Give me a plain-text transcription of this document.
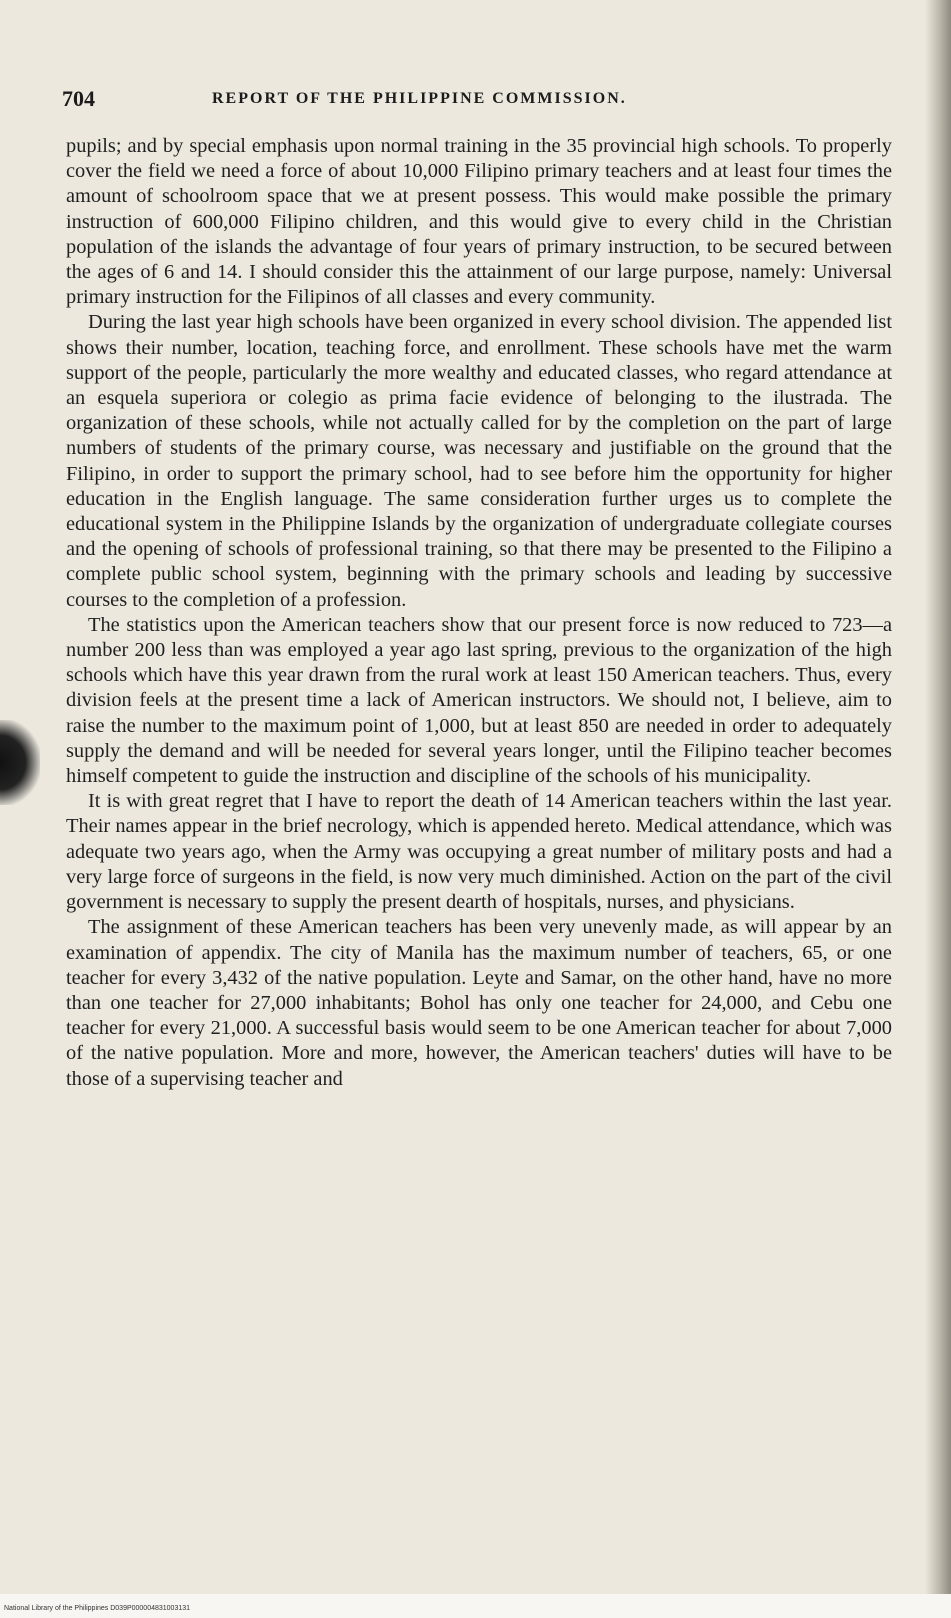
704	REPORT OF THE PHILIPPINE COMMISSION.

pupils; and by special emphasis upon normal training in the 35 provincial high schools. To properly cover the field we need a force of about 10,000 Filipino primary teachers and at least four times the amount of schoolroom space that we at present possess. This would make possible the primary instruction of 600,000 Filipino children, and this would give to every child in the Christian population of the islands the advantage of four years of primary instruction, to be secured between the ages of 6 and 14. I should consider this the attainment of our large purpose, namely: Universal primary instruction for the Filipinos of all classes and every community.

During the last year high schools have been organized in every school division. The appended list shows their number, location, teaching force, and enrollment. These schools have met the warm support of the people, particularly the more wealthy and educated classes, who regard attendance at an esquela superiora or colegio as prima facie evidence of belonging to the ilustrada. The organization of these schools, while not actually called for by the completion on the part of large numbers of students of the primary course, was necessary and justifiable on the ground that the Filipino, in order to support the primary school, had to see before him the opportunity for higher education in the English language. The same consideration further urges us to complete the educational system in the Philippine Islands by the organization of undergraduate collegiate courses and the opening of schools of professional training, so that there may be presented to the Filipino a complete public school system, beginning with the primary schools and leading by successive courses to the completion of a profession.

The statistics upon the American teachers show that our present force is now reduced to 723—a number 200 less than was employed a year ago last spring, previous to the organization of the high schools which have this year drawn from the rural work at least 150 American teachers. Thus, every division feels at the present time a lack of American instructors. We should not, I believe, aim to raise the number to the maximum point of 1,000, but at least 850 are needed in order to adequately supply the demand and will be needed for several years longer, until the Filipino teacher becomes himself competent to guide the instruction and discipline of the schools of his municipality.

It is with great regret that I have to report the death of 14 American teachers within the last year. Their names appear in the brief necrology, which is appended hereto. Medical attendance, which was adequate two years ago, when the Army was occupying a great number of military posts and had a very large force of surgeons in the field, is now very much diminished. Action on the part of the civil government is necessary to supply the present dearth of hospitals, nurses, and physicians.

The assignment of these American teachers has been very unevenly made, as will appear by an examination of appendix. The city of Manila has the maximum number of teachers, 65, or one teacher for every 3,432 of the native population. Leyte and Samar, on the other hand, have no more than one teacher for 27,000 inhabitants; Bohol has only one teacher for 24,000, and Cebu one teacher for every 21,000. A successful basis would seem to be one American teacher for about 7,000 of the native population. More and more, however, the American teachers' duties will have to be those of a supervising teacher and

National Library of the Philippines D039P000004831003131
